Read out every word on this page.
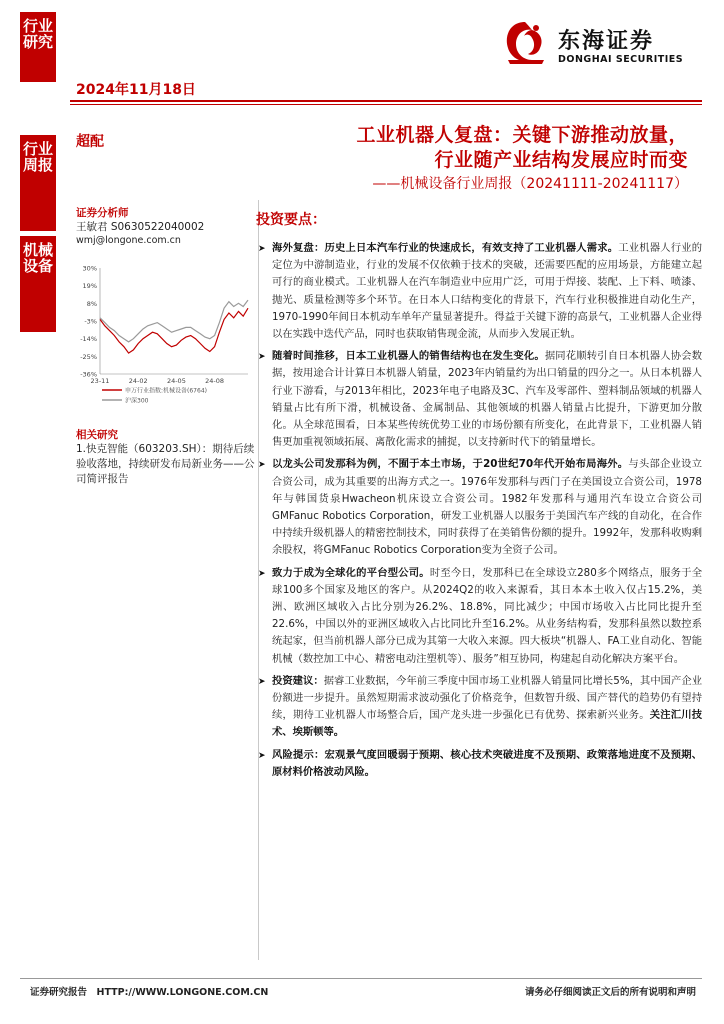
行业
研究
行业
周报
机械
设备
2024年11月18日
东海证券
DONGHAI SECURITIES
超配	工业机器人复盘：关键下游推动放量，
行业随产业结构发展应时而变
——机械设备行业周报（20241111-20241117）
证券分析师
王敏君 S0630522040002
wmj@longone.com.cn
30%
19%
8%
-3%
-14%
-25%
-36%
23-11	24-02	24-05	24-08
申万行业指数:机械设备(6764)
沪深300
相关研究
1.快克智能（603203.SH）：期待后续验收落地，持续研发布局新业务——公司简评报告
投资要点：
➤ 海外复盘：历史上日本汽车行业的快速成长，有效支持了工业机器人需求。工业机器人行业的定位为中游制造业，行业的发展不仅依赖于技术的突破，还需要匹配的应用场景，方能建立起可行的商业模式。工业机器人在汽车制造业中应用广泛，可用于焊接、装配、上下料、喷漆、抛光、质量检测等多个环节。在日本人口结构变化的背景下，汽车行业积极推进自动化生产，1970-1990年间日本机动车单年产量显著提升。得益于关键下游的高景气，工业机器人企业得以在实践中迭代产品，同时也获取销售现金流，从而步入发展正轨。
➤ 随着时间推移，日本工业机器人的销售结构也在发生变化。据同花顺转引自日本机器人协会数据，按用途合计计算日本机器人销量，2023年内销量约为出口销量的四分之一。从日本机器人行业下游看，与2013年相比，2023年电子电路及3C、汽车及零部件、塑料制品领域的机器人销量占比有所下滑，机械设备、金属制品、其他领域的机器人销量占比提升，下游更加分散化。从全球范围看，日本某些传统优势工业的市场份额有所变化，在此背景下，工业机器人销售更加重视领域拓展、离散化需求的捕捉，以支持新时代下的销量增长。
➤ 以龙头公司发那科为例，不囿于本土市场，于20世纪70年代开始布局海外。与头部企业设立合资公司，成为其重要的出海方式之一。1976年发那科与西门子在美国设立合资公司，1978年与韩国货泉Hwacheon机床设立合资公司。1982年发那科与通用汽车设立合资公司GMFanuc Robotics Corporation，研发工业机器人以服务于美国汽车产线的自动化，在合作中持续升级机器人的精密控制技术，同时获得了在美销售份额的提升。1992年，发那科收购剩余股权，将GMFanuc Robotics Corporation变为全资子公司。
➤ 致力于成为全球化的平台型公司。时至今日，发那科已在全球设立280多个网络点，服务于全球100多个国家及地区的客户。从2024Q2的收入来源看，其日本本土收入仅占15.2%，美洲、欧洲区域收入占比分别为26.2%、18.8%，同比减少；中国市场收入占比同比提升至22.6%，中国以外的亚洲区域收入占比同比升至16.2%。从业务结构看，发那科虽然以数控系统起家，但当前机器人部分已成为其第一大收入来源。四大板块“机器人、FA工业自动化、智能机械（数控加工中心、精密电动注塑机等）、服务”相互协同，构建起自动化解决方案平台。
➤ 投资建议：据睿工业数据，今年前三季度中国市场工业机器人销量同比增长5%，其中国产企业份额进一步提升。虽然短期需求波动强化了价格竞争，但数智升级、国产替代的趋势仍有望持续，期待工业机器人市场整合后，国产龙头进一步强化已有优势、探索新兴业务。关注汇川技术、埃斯顿等。
➤ 风险提示：宏观景气度回暖弱于预期、核心技术突破进度不及预期、政策落地进度不及预期、原材料价格波动风险。
证券研究报告　HTTP://WWW.LONGONE.COM.CN	请务必仔细阅读正文后的所有说明和声明
